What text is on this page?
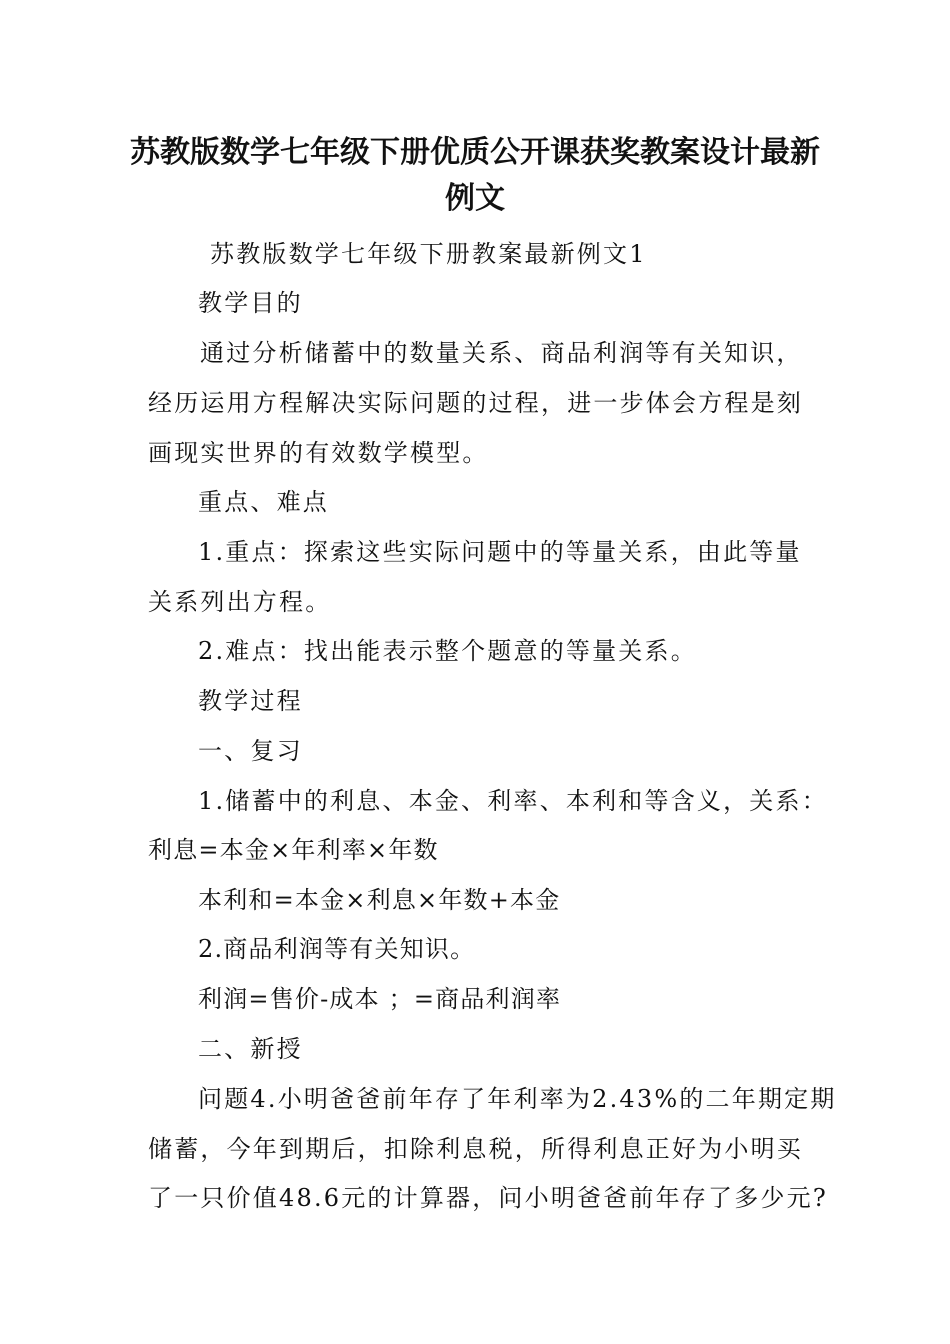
苏教版数学七年级下册优质公开课获奖教案设计最新例文
苏教版数学七年级下册教案最新例文1
教学目的
通过分析储蓄中的数量关系、商品利润等有关知识，
经历运用方程解决实际问题的过程，进一步体会方程是刻
画现实世界的有效数学模型。
重点、难点
1.重点：探索这些实际问题中的等量关系，由此等量
关系列出方程。
2.难点：找出能表示整个题意的等量关系。
教学过程
一、复习
1.储蓄中的利息、本金、利率、本利和等含义，关系：
利息=本金×年利率×年数
本利和=本金×利息×年数+本金
2.商品利润等有关知识。
利润=售价-成本 ；=商品利润率
二、新授
问题4.小明爸爸前年存了年利率为2.43%的二年期定期
储蓄，今年到期后，扣除利息税，所得利息正好为小明买
了一只价值48.6元的计算器，问小明爸爸前年存了多少元?
